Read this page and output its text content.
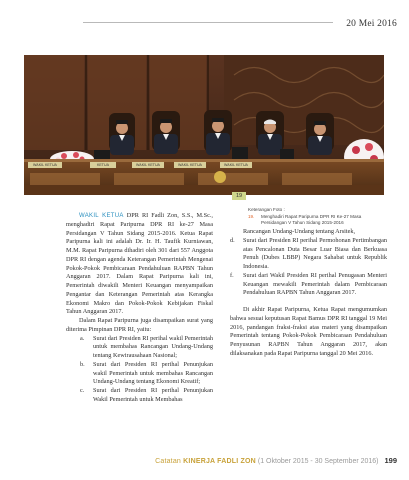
20 Mei 2016
WAKIL KETUA	KETUA	WAKIL KETUA	WAKIL KETUA	WAKIL KETUA
19
Keterangan Foto :
19.	Menghadiri Rapat Paripurna DPR RI Ke-27 Masa Persidangan V Tahun Sidang 2015-2016

WAKIL KETUA DPR RI Fadli Zon, S.S., M.Sc., menghadiri Rapat Paripurna DPR RI ke-27 Masa Persidangan V Tahun Sidang 2015-2016. Ketua Rapat Paripurna kali ini adalah Dr. Ir. H. Taufik Kurniawan, M.M. Rapat Paripurna dihadiri oleh 301 dari 557 Anggota DPR RI dengan agenda Keterangan Pemerintah Mengenai Pokok-Pokok Pembicaraan Pendahuluan RAPBN Tahun Anggaran 2017. Dalam Rapat Paripurna kali ini, Pemerintah diwakili Menteri Keuangan menyampaikan Pengantar dan Keterangan Pemerintah atas Kerangka Ekonomi Makro dan Pokok-Pokok Kebijakan Fiskal Tahun Anggaran 2017.

Dalam Rapat Paripurna juga disampaikan surat yang diterima Pimpinan DPR RI, yaitu:

a.	Surat dari Presiden RI perihal wakil Pemerintah untuk membahas Rancangan Undang-Undang tentang Kewirausahaan Nasional;
b.	Surat dari Presiden RI perihal Penunjukan wakil Pemerintah untuk membahas Rancangan Undang-Undang tentang Ekonomi Kreatif;
c.	Surat dari Presiden RI perihal Penunjukan Wakil Pemerintah untuk Membahas

Rancangan Undang-Undang tentang Arsitek,

d.	Surat dari Presiden RI perihal Permohonan Pertimbangan atas Pencalonan Duta Besar Luar Biasa dan Berkuasa Penuh (Dubes LBBP) Negara Sahabat untuk Republik Indonesia.
f.	Surat dari Wakil Presiden RI perihal Penugasan Menteri Keuangan mewakili Pemerintah dalam Pembicaraan Pendahuluan RAPBN Tahun Anggaran 2017.

Di akhir Rapat Paripurna, Ketua Rapat mengumumkan bahwa sesuai keputusan Rapat Bamus DPR RI tanggal 19 Mei 2016, pandangan fraksi-fraksi atas materi yang disampaikan Pemerintah tentang Pokok-Pokok Pembicaraan Pendahuluan Penyusunan RAPBN Tahun Anggaran 2017, akan dilaksanakan pada Rapat Paripurna tanggal 20 Mei 2016.

Catatan KINERJA FADLI ZON (1 Oktober 2015 - 30 September 2016) 199
